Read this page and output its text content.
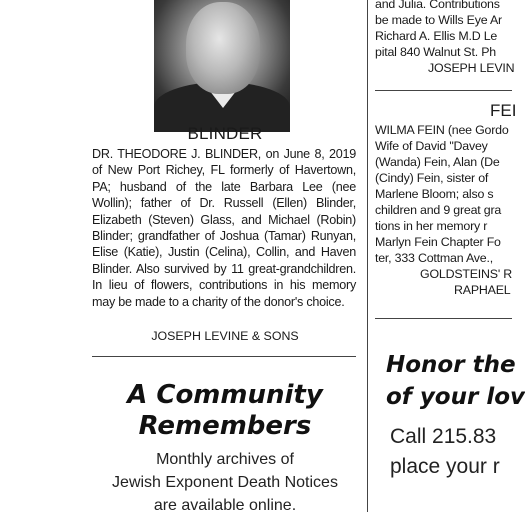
BLINDER

DR. THEODORE J. BLINDER, on June 8, 2019 of New Port Richey, FL formerly of Havertown, PA; husband of the late Barbara Lee (nee Wollin); father of Dr. Russell (Ellen) Blinder, Elizabeth (Steven) Glass, and Michael (Robin) Blinder; grandfather of Joshua (Tamar) Runyan, Elise (Katie), Justin (Celina), Collin, and Haven Blinder. Also survived by 11 great-grandchildren. In lieu of flowers, contributions in his memory may be made to a charity of the donor's choice.

JOSEPH LEVINE & SONS
A Community
Remembers
Monthly archives of
Jewish Exponent Death Notices
are available online.
and Julia. Contributions
be made to Wills Eye Ar
Richard A. Ellis M.D Le
pital 840 Walnut St. Ph
JOSEPH LEVIN
FEI
WILMA FEIN (nee Gordo
Wife of David "Davey
(Wanda) Fein, Alan (De
(Cindy) Fein, sister of
Marlene Bloom; also s
children and 9 great gra
tions in her memory r
Marlyn Fein Chapter Fo
ter, 333 Cottman Ave.,
GOLDSTEINS' R
RAPHAEL
Honor the
of your lov
Call 215.83
place your r
